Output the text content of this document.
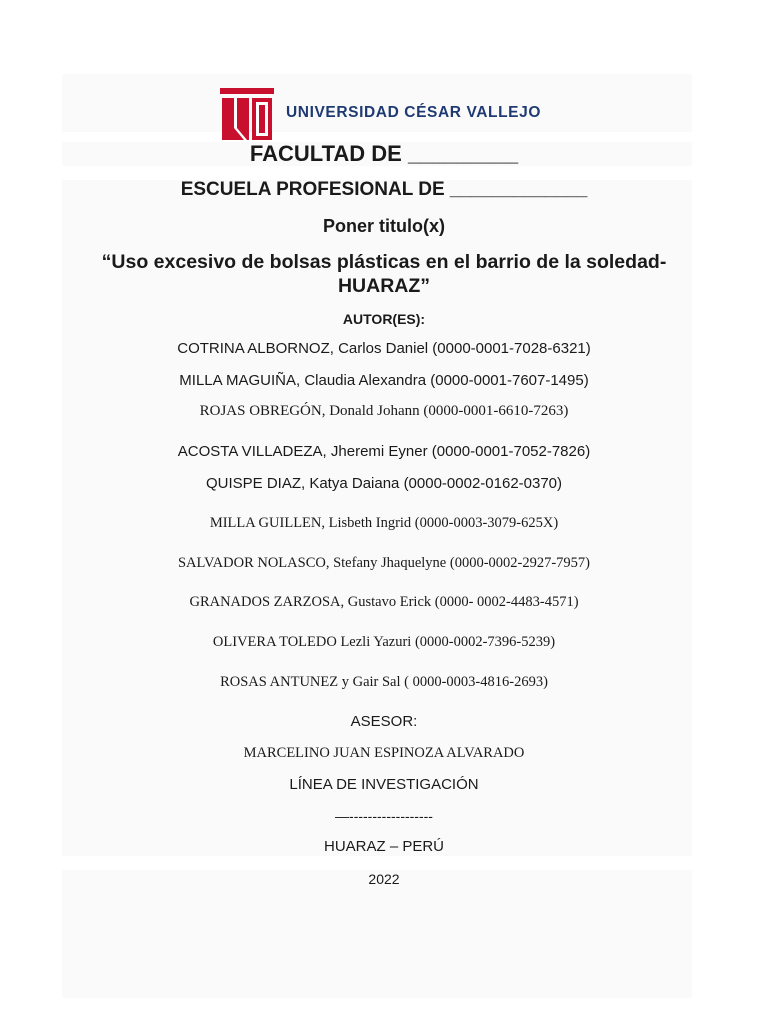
UNIVERSIDAD CÉSAR VALLEJO
FACULTAD DE _________
ESCUELA PROFESIONAL DE _____________
Poner titulo(x)
“Uso excesivo de bolsas plásticas en el barrio de la soledad-
HUARAZ”
AUTOR(ES):
COTRINA ALBORNOZ, Carlos Daniel (0000-0001-7028-6321)
MILLA MAGUIÑA, Claudia Alexandra (0000-0001-7607-1495)
ROJAS OBREGÓN, Donald Johann (0000-0001-6610-7263)
ACOSTA VILLADEZA, Jheremi Eyner (0000-0001-7052-7826)
QUISPE DIAZ, Katya Daiana (0000-0002-0162-0370)
MILLA GUILLEN, Lisbeth Ingrid (0000-0003-3079-625X)
SALVADOR NOLASCO, Stefany Jhaquelyne (0000-0002-2927-7957)
GRANADOS ZARZOSA, Gustavo Erick (0000- 0002-4483-4571)
OLIVERA TOLEDO Lezli Yazuri (0000-0002-7396-5239)
ROSAS ANTUNEZ y Gair Sal ( 0000-0003-4816-2693)
ASESOR:
MARCELINO JUAN ESPINOZA ALVARADO
LÍNEA DE INVESTIGACIÓN
—------------------
HUARAZ – PERÚ
2022
